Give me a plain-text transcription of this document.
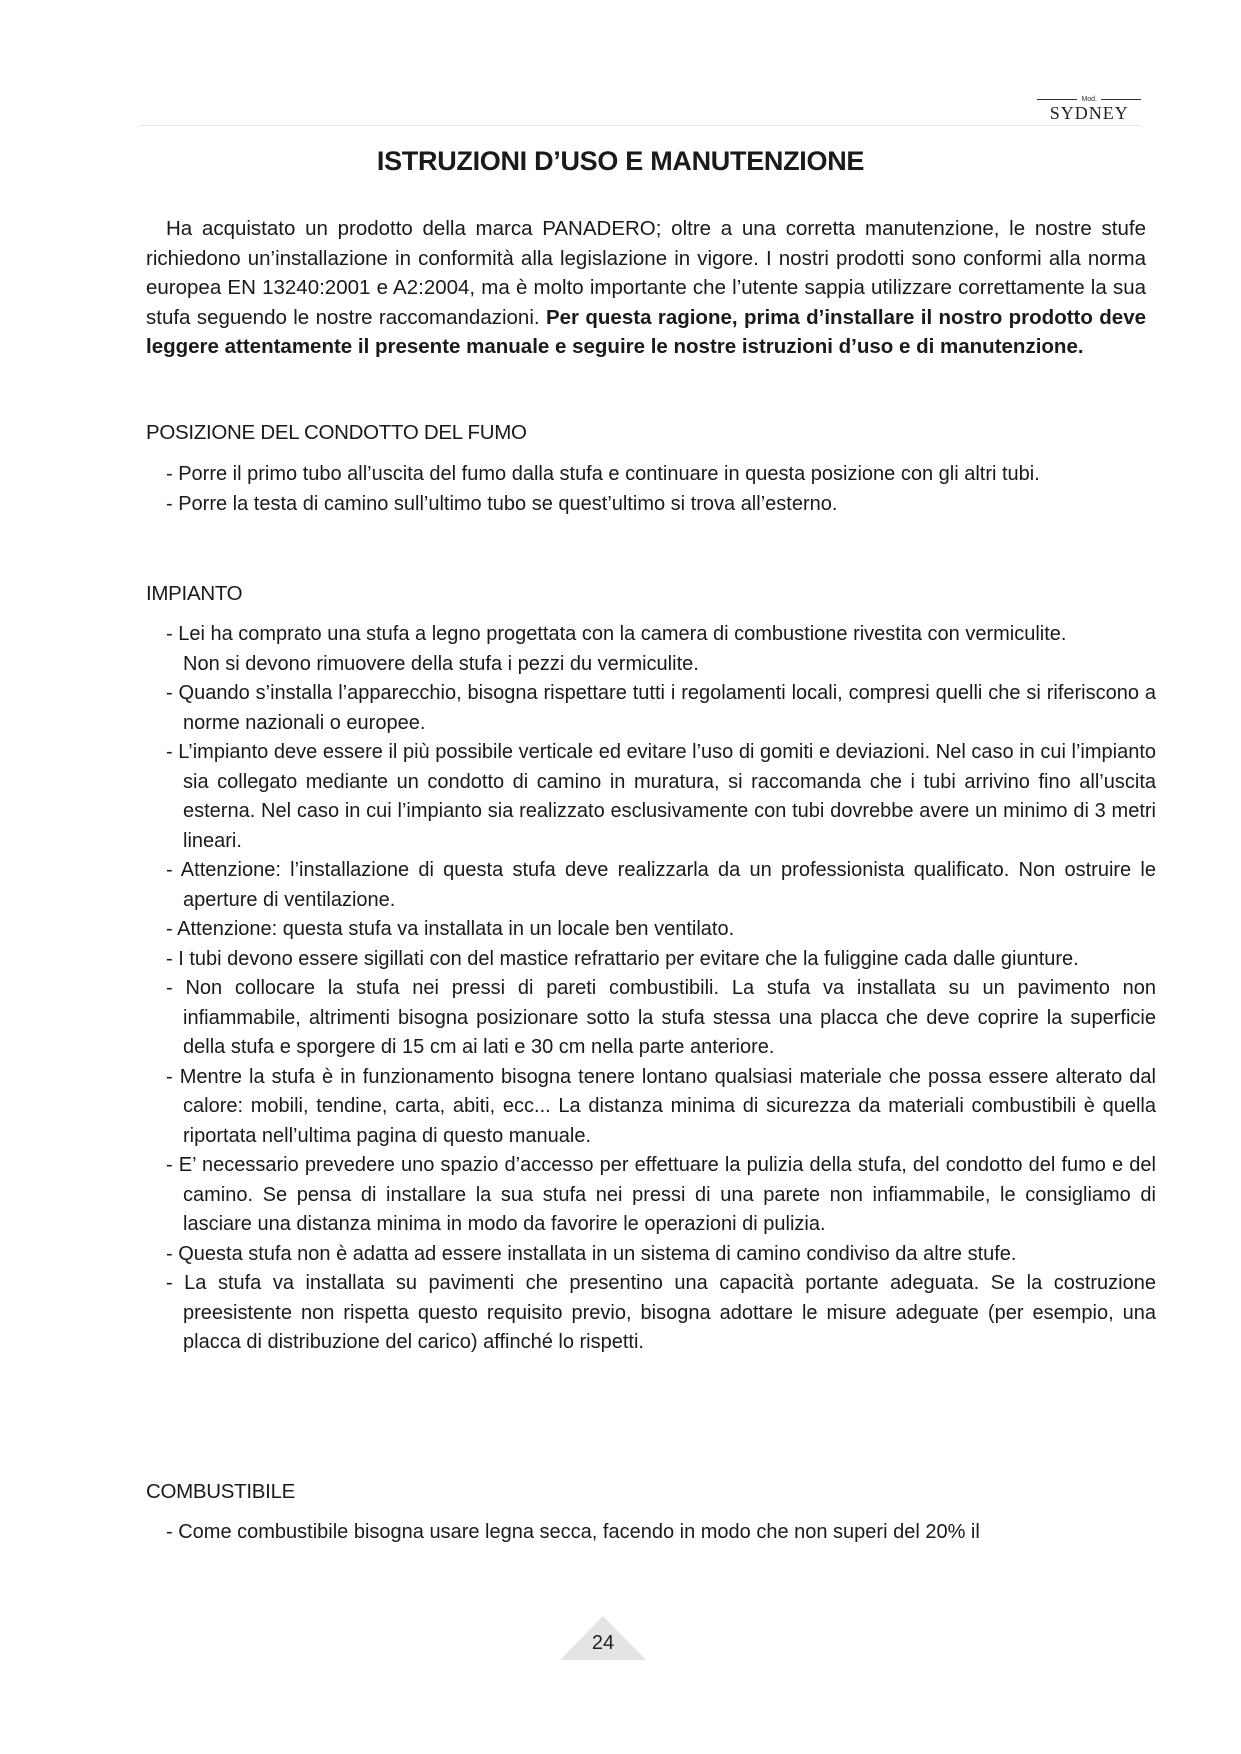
Mod.
SYDNEY
ISTRUZIONI D’USO E MANUTENZIONE

Ha acquistato un prodotto della marca PANADERO; oltre a una corretta manutenzione, le nostre stufe richiedono un’installazione in conformità alla legislazione in vigore. I nostri prodotti sono conformi alla norma europea EN 13240:2001 e A2:2004, ma è molto importante che l’utente sappia utilizzare correttamente la sua stufa seguendo le nostre raccomandazioni. Per questa ragione, prima d’installare il nostro prodotto deve leggere attentamente il presente manuale e seguire le nostre istruzioni d’uso e di manutenzione.

POSIZIONE DEL CONDOTTO DEL FUMO
- Porre il primo tubo all’uscita del fumo dalla stufa e continuare in questa posizione con gli altri tubi.
- Porre la testa di camino sull’ultimo tubo se quest’ultimo si trova all’esterno.
IMPIANTO
- Lei ha comprato una stufa a legno progettata con la camera di combustione rivestita con vermiculite.
Non si devono rimuovere della stufa i pezzi du vermiculite.
- Quando s’installa l’apparecchio, bisogna rispettare tutti i regolamenti locali, compresi quelli che si riferiscono a norme nazionali o europee.
- L’impianto deve essere il più possibile verticale ed evitare l’uso di gomiti e deviazioni. Nel caso in cui l’impianto sia collegato mediante un condotto di camino in muratura, si raccomanda che i tubi arrivino fino all’uscita esterna. Nel caso in cui l’impianto sia realizzato esclusivamente con tubi dovrebbe avere un minimo di 3 metri lineari.
- Attenzione: l’installazione di questa stufa deve realizzarla da un professionista qualificato. Non ostruire le aperture di ventilazione.
- Attenzione: questa stufa va installata in un locale ben ventilato.
- I tubi devono essere sigillati con del mastice refrattario per evitare che la fuliggine cada dalle giunture.
- Non collocare la stufa nei pressi di pareti combustibili. La stufa va installata su un pavimento non infiammabile, altrimenti bisogna posizionare sotto la stufa stessa una placca che deve coprire la superficie della stufa e sporgere di 15 cm ai lati e 30 cm nella parte anteriore.
- Mentre la stufa è in funzionamento bisogna tenere lontano qualsiasi materiale che possa essere alterato dal calore: mobili, tendine, carta, abiti, ecc... La distanza minima di sicurezza da materiali combustibili è quella riportata nell’ultima pagina di questo manuale.
- E’ necessario prevedere uno spazio d’accesso per effettuare la pulizia della stufa, del condotto del fumo e del camino. Se pensa di installare la sua stufa nei pressi di una parete non infiammabile, le consigliamo di lasciare una distanza minima in modo da favorire le operazioni di pulizia.
- Questa stufa non è adatta ad essere installata in un sistema di camino condiviso da altre stufe.
- La stufa va installata su pavimenti che presentino una capacità portante adeguata. Se la costruzione preesistente non rispetta questo requisito previo, bisogna adottare le misure adeguate (per esempio, una placca di distribuzione del carico) affinché lo rispetti.
COMBUSTIBILE
- Come combustibile bisogna usare legna secca, facendo in modo che non superi del 20% il
24
